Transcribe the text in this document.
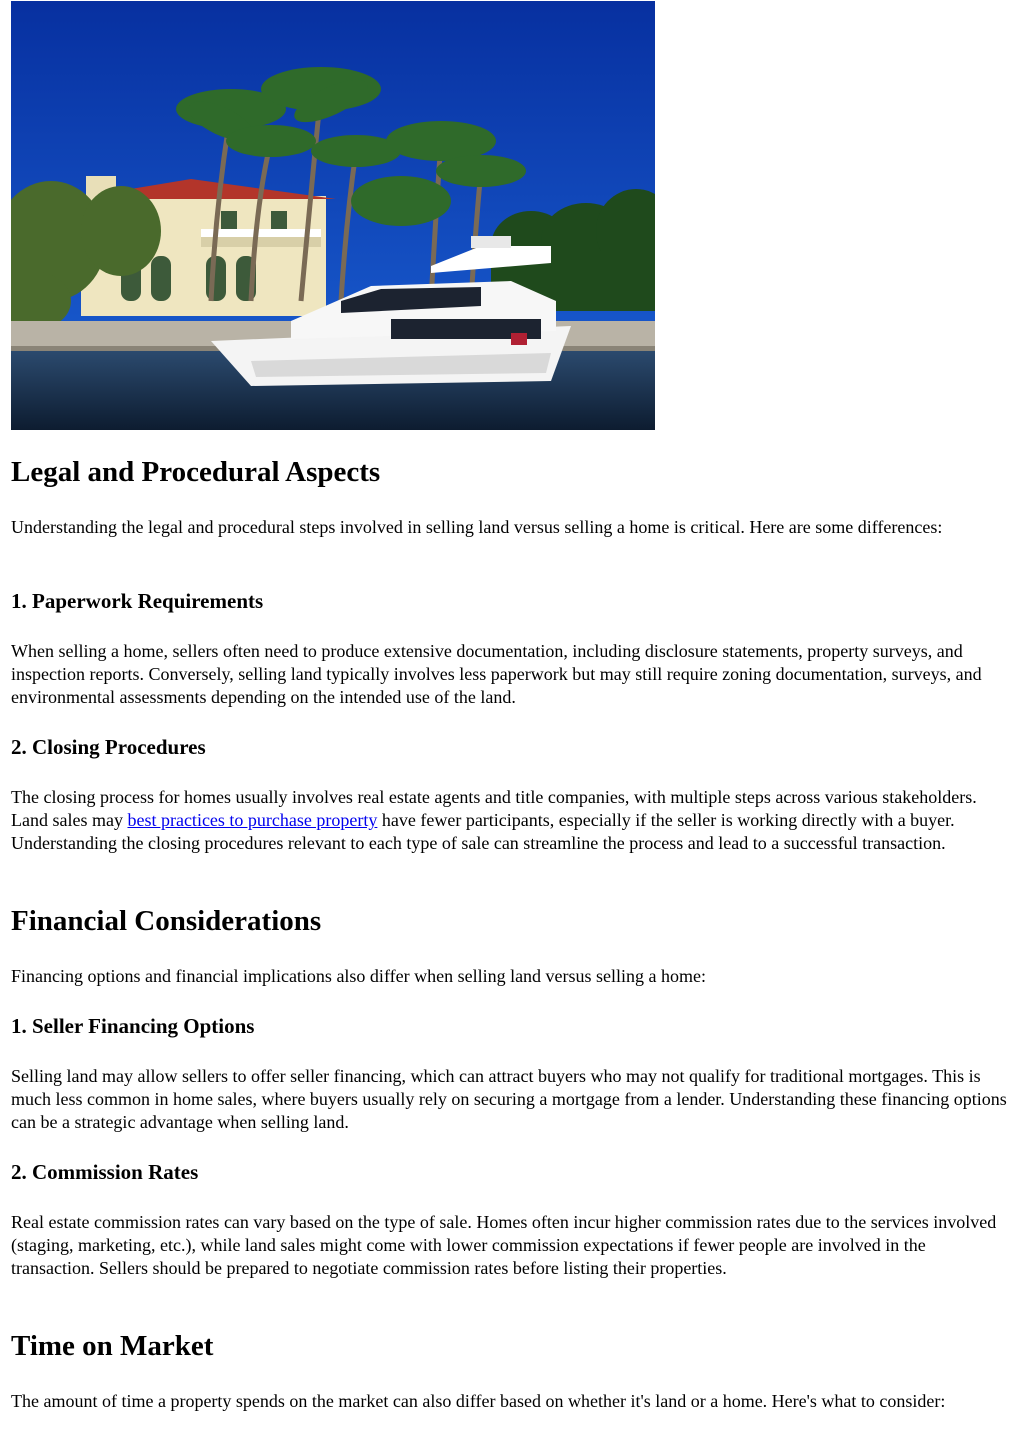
Legal and Procedural Aspects

Understanding the legal and procedural steps involved in selling land versus selling a home is critical. Here are some differences:

1. Paperwork Requirements

When selling a home, sellers often need to produce extensive documentation, including disclosure statements, property surveys, and inspection reports. Conversely, selling land typically involves less paperwork but may still require zoning documentation, surveys, and environmental assessments depending on the intended use of the land.

2. Closing Procedures

The closing process for homes usually involves real estate agents and title companies, with multiple steps across various stakeholders. Land sales may best practices to purchase property have fewer participants, especially if the seller is working directly with a buyer. Understanding the closing procedures relevant to each type of sale can streamline the process and lead to a successful transaction.

Financial Considerations

Financing options and financial implications also differ when selling land versus selling a home:

1. Seller Financing Options

Selling land may allow sellers to offer seller financing, which can attract buyers who may not qualify for traditional mortgages. This is much less common in home sales, where buyers usually rely on securing a mortgage from a lender. Understanding these financing options can be a strategic advantage when selling land.

2. Commission Rates

Real estate commission rates can vary based on the type of sale. Homes often incur higher commission rates due to the services involved (staging, marketing, etc.), while land sales might come with lower commission expectations if fewer people are involved in the transaction. Sellers should be prepared to negotiate commission rates before listing their properties.

Time on Market

The amount of time a property spends on the market can also differ based on whether it's land or a home. Here's what to consider:
